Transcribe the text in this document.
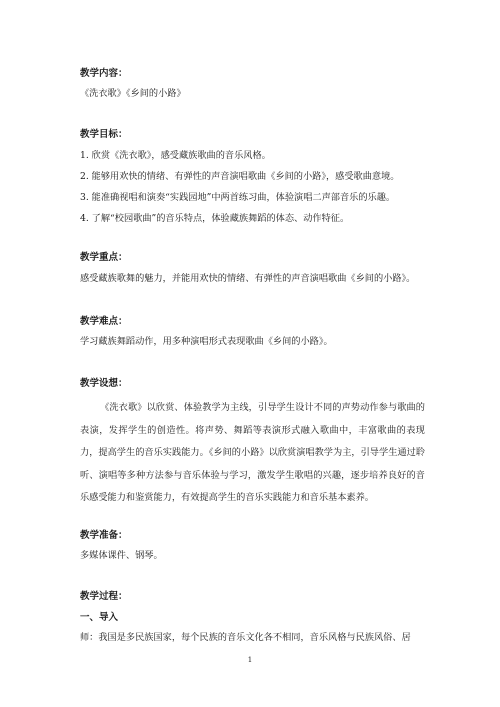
教学内容：
《洗衣歌》《乡间的小路》
教学目标：
1. 欣赏《洗衣歌》，感受藏族歌曲的音乐风格。
2. 能够用欢快的情绪、有弹性的声音演唱歌曲《乡间的小路》，感受歌曲意境。
3. 能准确视唱和演奏“实践园地”中两首练习曲，体验演唱二声部音乐的乐趣。
4. 了解“校园歌曲”的音乐特点，体验藏族舞蹈的体态、动作特征。
教学重点：
感受藏族歌舞的魅力，并能用欢快的情绪、有弹性的声音演唱歌曲《乡间的小路》。
教学难点：
学习藏族舞蹈动作，用多种演唱形式表现歌曲《乡间的小路》。
教学设想：
《洗衣歌》以欣赏、体验教学为主线，引导学生设计不同的声势动作参与歌曲的表演，发挥学生的创造性。将声势、舞蹈等表演形式融入歌曲中，丰富歌曲的表现力，提高学生的音乐实践能力。《乡间的小路》以欣赏演唱教学为主，引导学生通过聆听、演唱等多种方法参与音乐体验与学习，激发学生歌唱的兴趣，逐步培养良好的音乐感受能力和鉴赏能力，有效提高学生的音乐实践能力和音乐基本素养。
教学准备：
多媒体课件、钢琴。
教学过程：
一、导入
师：我国是多民族国家，每个民族的音乐文化各不相同，音乐风格与民族风俗、居
1
